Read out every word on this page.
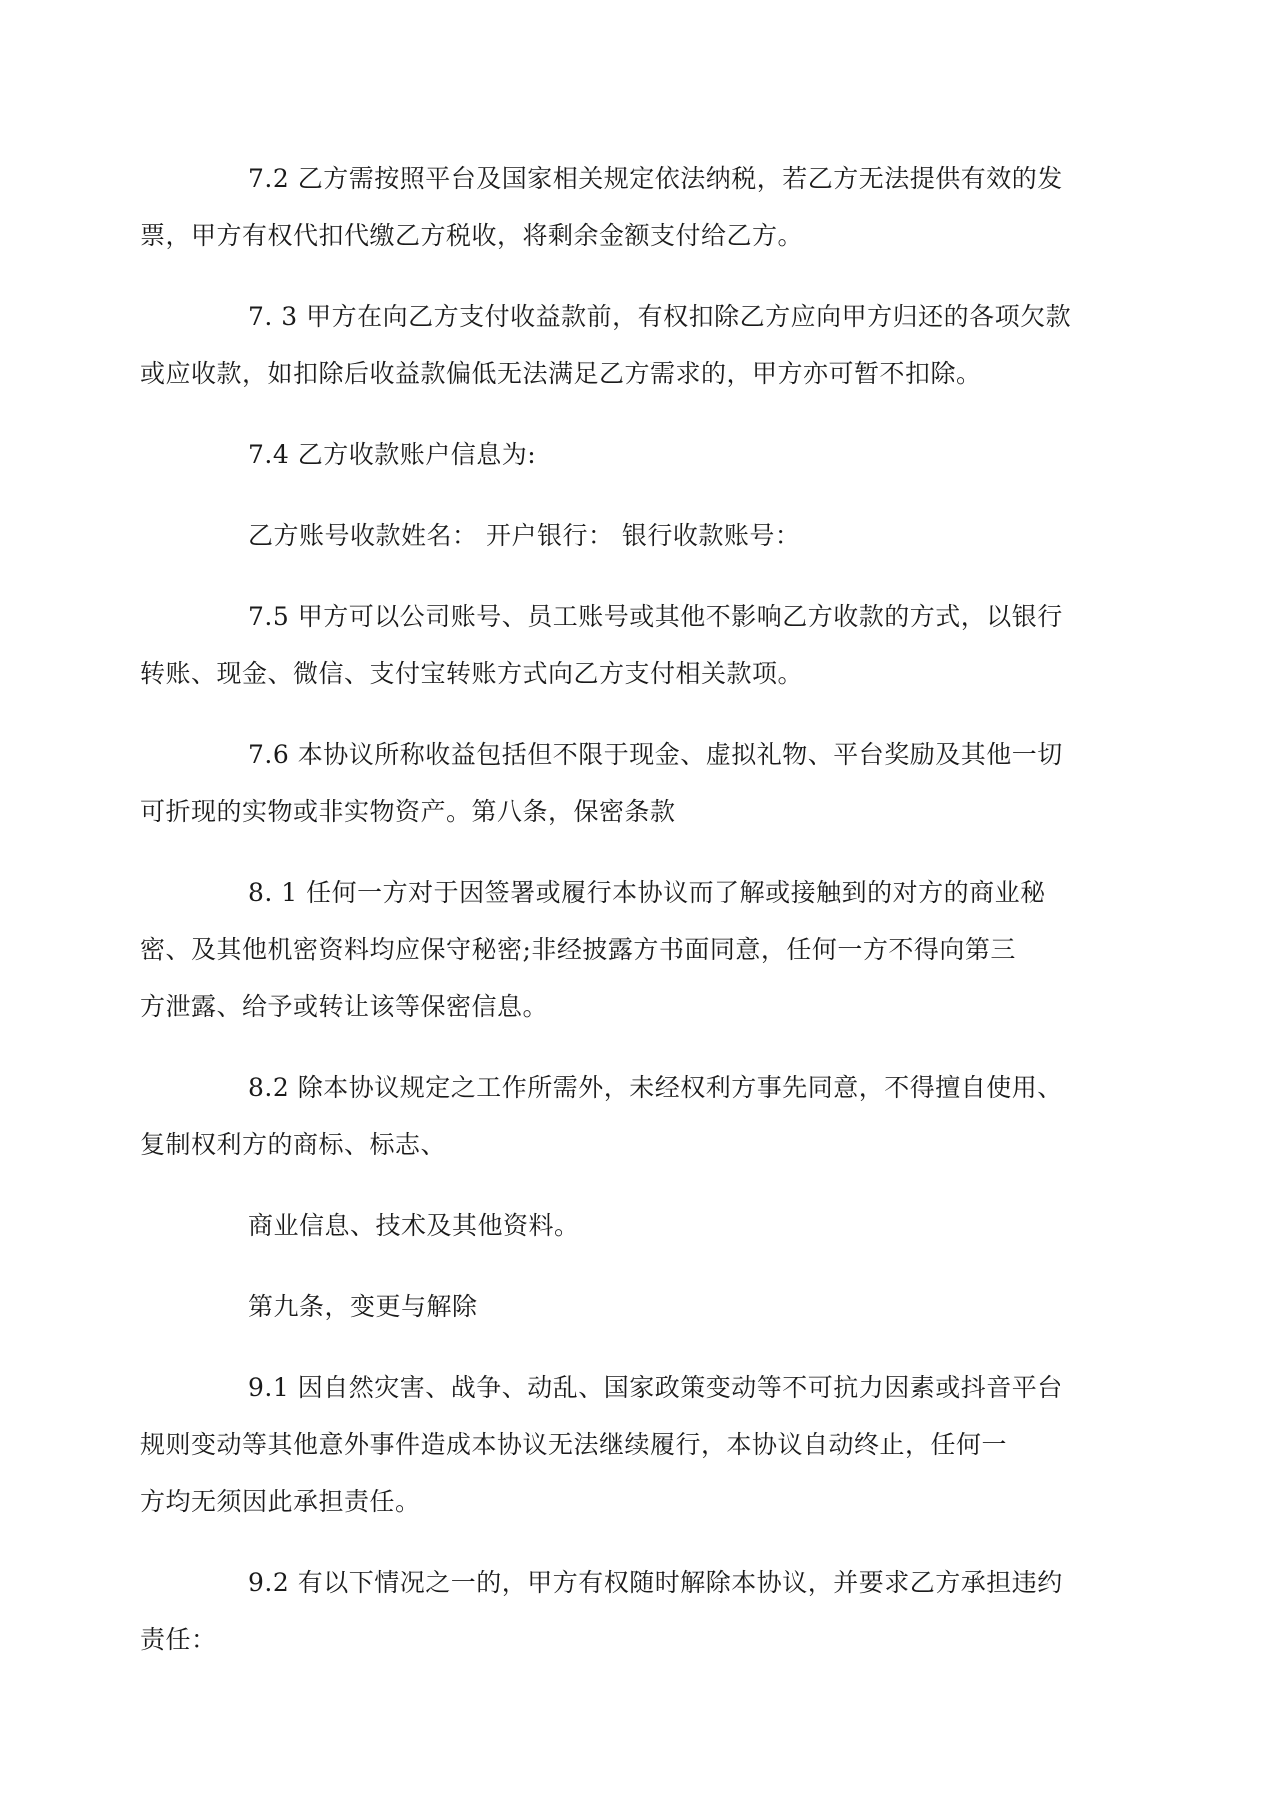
7.2 乙方需按照平台及国家相关规定依法纳税，若乙方无法提供有效的发
票，甲方有权代扣代缴乙方税收，将剩余金额支付给乙方。

7. 3 甲方在向乙方支付收益款前，有权扣除乙方应向甲方归还的各项欠款
或应收款，如扣除后收益款偏低无法满足乙方需求的，甲方亦可暂不扣除。

7.4 乙方收款账户信息为:

乙方账号收款姓名： 开户银行： 银行收款账号：

7.5 甲方可以公司账号、员工账号或其他不影响乙方收款的方式，以银行
转账、现金、微信、支付宝转账方式向乙方支付相关款项。

7.6 本协议所称收益包括但不限于现金、虚拟礼物、平台奖励及其他一切
可折现的实物或非实物资产。第八条，保密条款

8. 1 任何一方对于因签署或履行本协议而了解或接触到的对方的商业秘
密、及其他机密资料均应保守秘密;非经披露方书面同意，任何一方不得向第三
方泄露、给予或转让该等保密信息。

8.2 除本协议规定之工作所需外，未经权利方事先同意，不得擅自使用、
复制权利方的商标、标志、

商业信息、技术及其他资料。

第九条，变更与解除

9.1 因自然灾害、战争、动乱、国家政策变动等不可抗力因素或抖音平台
规则变动等其他意外事件造成本协议无法继续履行，本协议自动终止，任何一
方均无须因此承担责任。

9.2 有以下情况之一的，甲方有权随时解除本协议，并要求乙方承担违约
责任：
